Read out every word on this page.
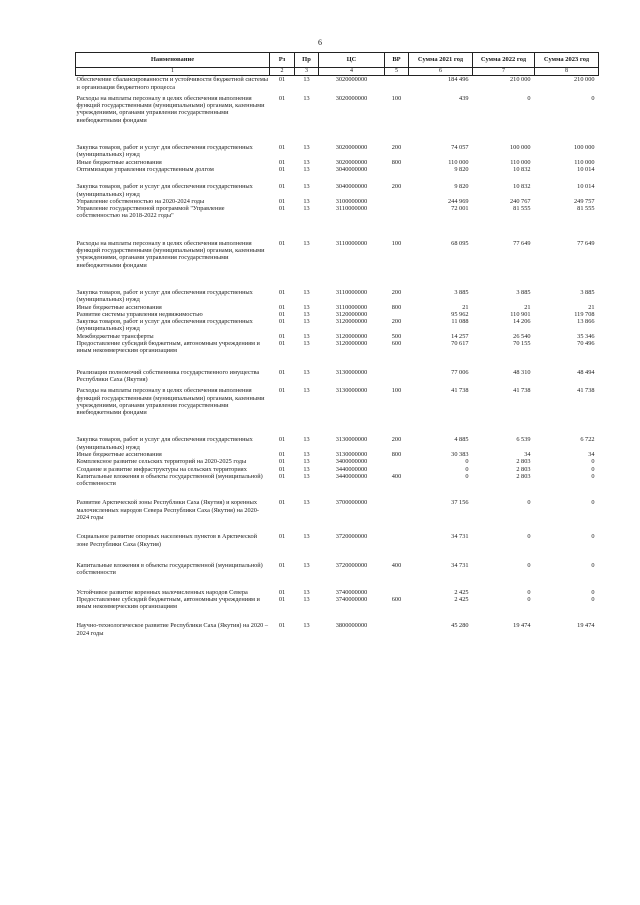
6
Наименование	Рз	Пр	ЦС	ВР	Сумма 2021 год	Сумма 2022 год	Сумма 2023 год
1	2	3	4	5	6	7	8
Обеспечение сбалансированности и устойчивости бюджетной системы и организация бюджетного процесса	01	13	3020000000		184 496	210 000	210 000
Расходы на выплаты персоналу в целях обеспечения выполнения функций государственными (муниципальными) органами, казенными учреждениями, органами управления государственными внебюджетными фондами	01	13	3020000000	100	439	0	0
Закупка товаров, работ и услуг для обеспечения государственных (муниципальных) нужд	01	13	3020000000	200	74 057	100 000	100 000
Иные бюджетные ассигнования	01	13	3020000000	800	110 000	110 000	110 000
Оптимизация управления государственным долгом	01	13	3040000000		9 820	10 832	10 014
Закупка товаров, работ и услуг для обеспечения государственных (муниципальных) нужд	01	13	3040000000	200	9 820	10 832	10 014
Управление собственностью на 2020-2024 годы	01	13	3100000000		244 969	240 767	249 757
Управление государственной программой "Управление собственностью на 2018-2022 годы"	01	13	3110000000		72 001	81 555	81 555
Расходы на выплаты персоналу в целях обеспечения выполнения функций государственными (муниципальными) органами, казенными учреждениями, органами управления государственными внебюджетными фондами	01	13	3110000000	100	68 095	77 649	77 649
Закупка товаров, работ и услуг для обеспечения государственных (муниципальных) нужд	01	13	3110000000	200	3 885	3 885	3 885
Иные бюджетные ассигнования	01	13	3110000000	800	21	21	21
Развитие системы управления недвижимостью	01	13	3120000000		95 962	110 901	119 708
Закупка товаров, работ и услуг для обеспечения государственных (муниципальных) нужд	01	13	3120000000	200	11 088	14 206	13 866
Межбюджетные трансферты	01	13	3120000000	500	14 257	26 540	35 346
Предоставление субсидий бюджетным, автономным учреждениям и иным некоммерческим организациям	01	13	3120000000	600	70 617	70 155	70 496
Реализация полномочий собственника государственного имущества Республики Саха (Якутия)	01	13	3130000000		77 006	48 310	48 494
Расходы на выплаты персоналу в целях обеспечения выполнения функций государственными (муниципальными) органами, казенными учреждениями, органами управления государственными внебюджетными фондами	01	13	3130000000	100	41 738	41 738	41 738
Закупка товаров, работ и услуг для обеспечения государственных (муниципальных) нужд	01	13	3130000000	200	4 885	6 539	6 722
Иные бюджетные ассигнования	01	13	3130000000	800	30 383	34	34
Комплексное развитие сельских территорий на 2020-2025 годы	01	13	3400000000		0	2 803	0
Создание и развитие инфраструктуры на сельских территориях	01	13	3440000000		0	2 803	0
Капитальные вложения в объекты государственной (муниципальной) собственности	01	13	3440000000	400	0	2 803	0
Развитие Арктической зоны Республики Саха (Якутия) и коренных малочисленных народов Севера Республики Саха (Якутия) на 2020-2024 годы	01	13	3700000000		37 156	0	0
Социальное развитие опорных населенных пунктов в Арктической зоне Республики Саха (Якутия)	01	13	3720000000		34 731	0	0
Капитальные вложения в объекты государственной (муниципальной) собственности	01	13	3720000000	400	34 731	0	0
Устойчивое развитие коренных малочисленных народов Севера	01	13	3740000000		2 425	0	0
Предоставление субсидий бюджетным, автономным учреждениям и иным некоммерческим организациям	01	13	3740000000	600	2 425	0	0
Научно-технологическое развитие Республики Саха (Якутия) на 2020 – 2024 годы	01	13	3800000000		45 280	19 474	19 474
